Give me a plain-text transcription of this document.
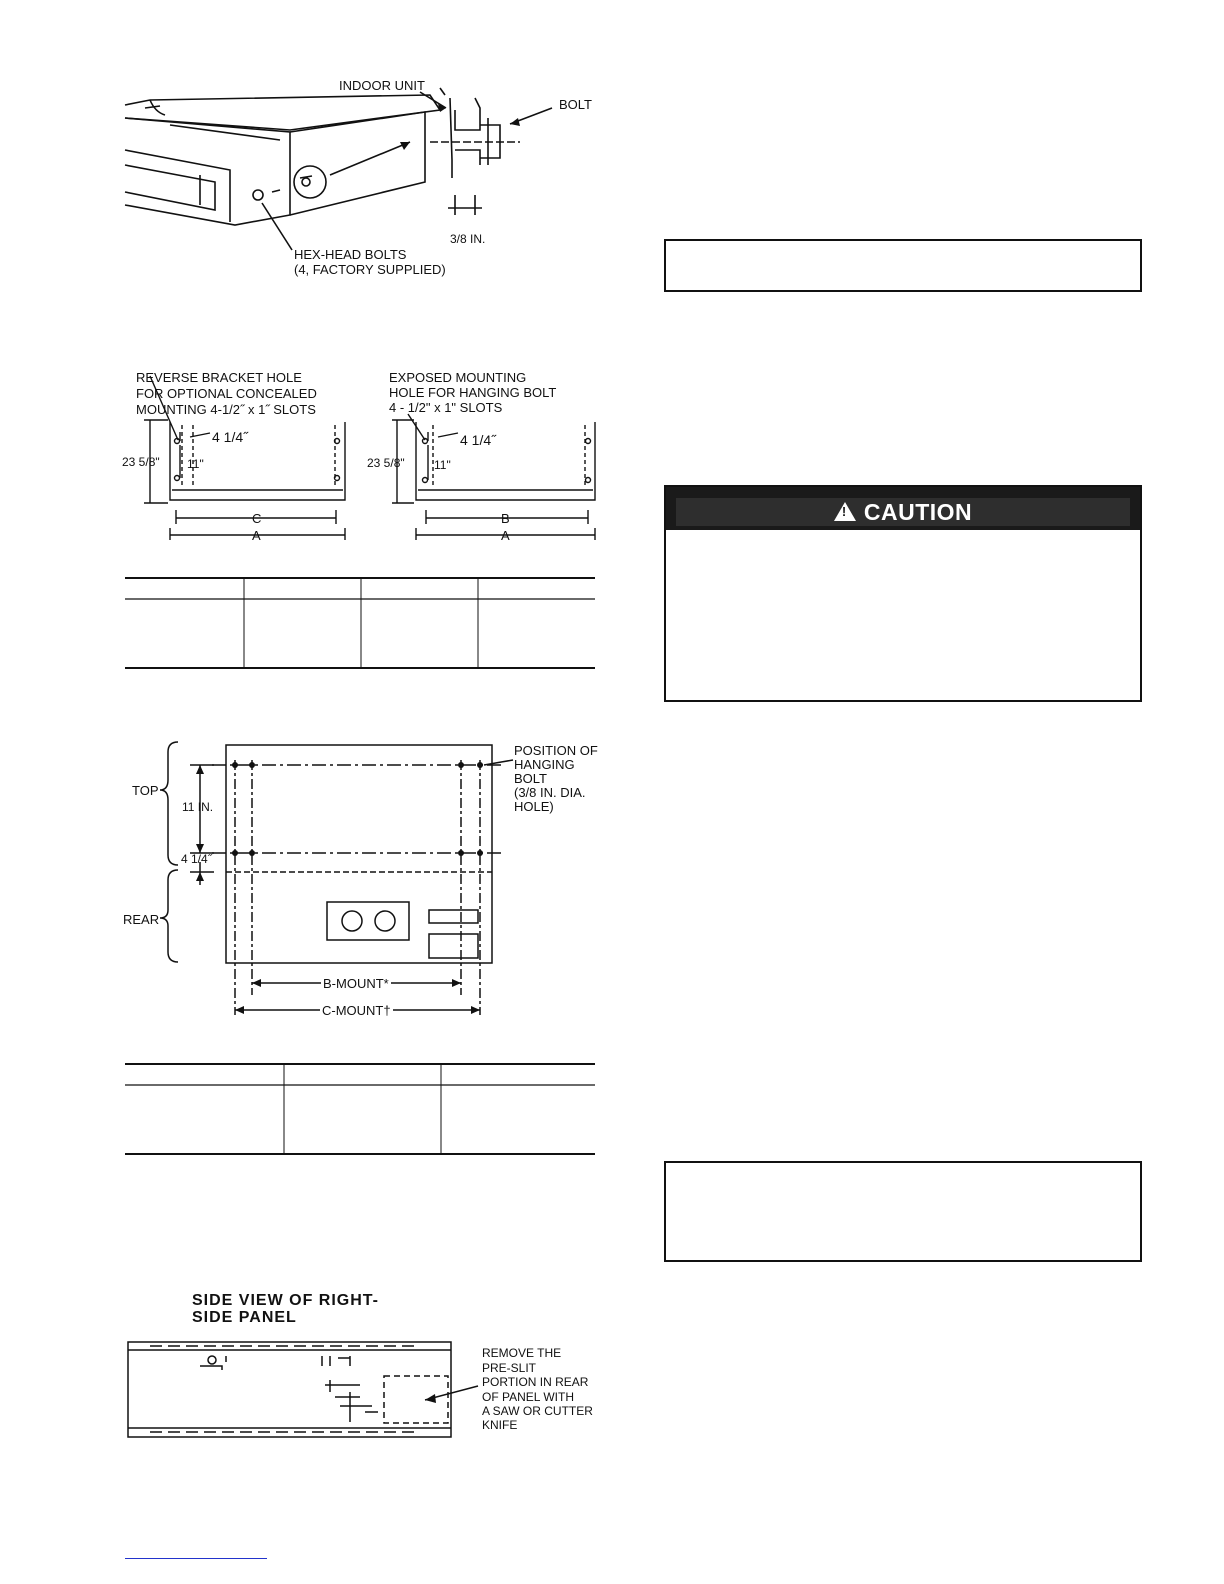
INDOOR UNIT
BOLT
3/8 IN.
HEX-HEAD BOLTS
(4, FACTORY SUPPLIED)
REVERSE BRACKET HOLE
FOR OPTIONAL CONCEALED
MOUNTING 4-1/2˝ x 1˝ SLOTS
EXPOSED MOUNTING
HOLE FOR HANGING BOLT
4 - 1/2" x 1" SLOTS
4 1/4˝
11"
23 5/8"
C
A
4 1/4˝
11"
23 5/8"
B
A
TOP
REAR
11 IN.
4 1/4˝
POSITION OF
HANGING
BOLT
(3/8 IN. DIA.
HOLE)
B-MOUNT*
C-MOUNT†
SIDE VIEW OF RIGHT-
SIDE PANEL
REMOVE THE
PRE-SLIT
PORTION IN REAR
OF PANEL WITH
A SAW OR CUTTER
KNIFE
!CAUTION
